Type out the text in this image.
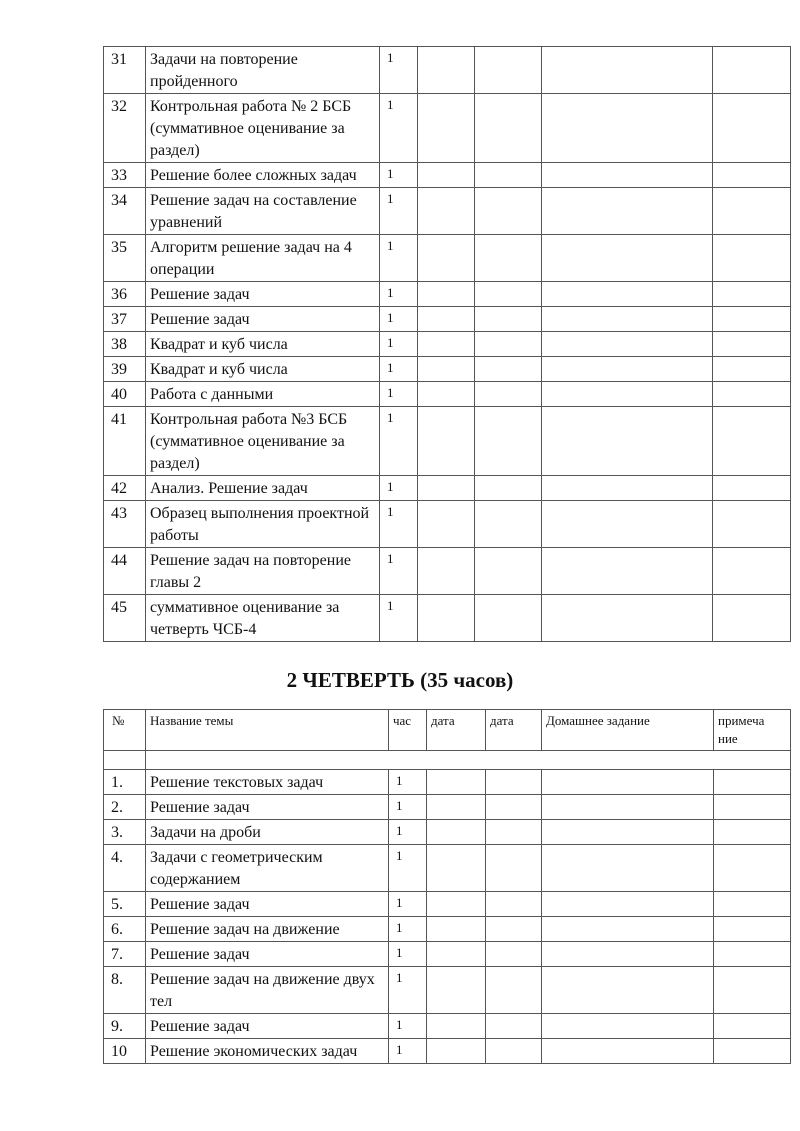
31	Задачи на повторение пройденного	1				
32	Контрольная работа № 2 БСБ (суммативное оценивание за раздел)	1				
33	Решение более сложных задач	1				
34	Решение задач на составление уравнений	1				
35	Алгоритм решение задач на 4 операции	1				
36	Решение задач	1				
37	Решение задач	1				
38	Квадрат и куб числа	1				
39	Квадрат и куб числа	1				
40	Работа с данными	1				
41	Контрольная работа №3 БСБ (суммативное оценивание за раздел)	1				
42	Анализ. Решение задач	1				
43	Образец выполнения проектной работы	1				
44	Решение задач на повторение главы 2	1				
45	суммативное оценивание за четверть ЧСБ-4	1				
2 ЧЕТВЕРТЬ (35 часов)
№	Название темы	час	дата	дата	Домашнее задание	примеча ние

1.	Решение текстовых задач	1				
2.	Решение задач	1				
3.	Задачи на дроби	1				
4.	Задачи с геометрическим содержанием	1				
5.	Решение задач	1				
6.	Решение задач на движение	1				
7.	Решение задач	1				
8.	Решение задач на движение двух тел	1				
9.	Решение задач	1				
10	Решение экономических задач	1				
